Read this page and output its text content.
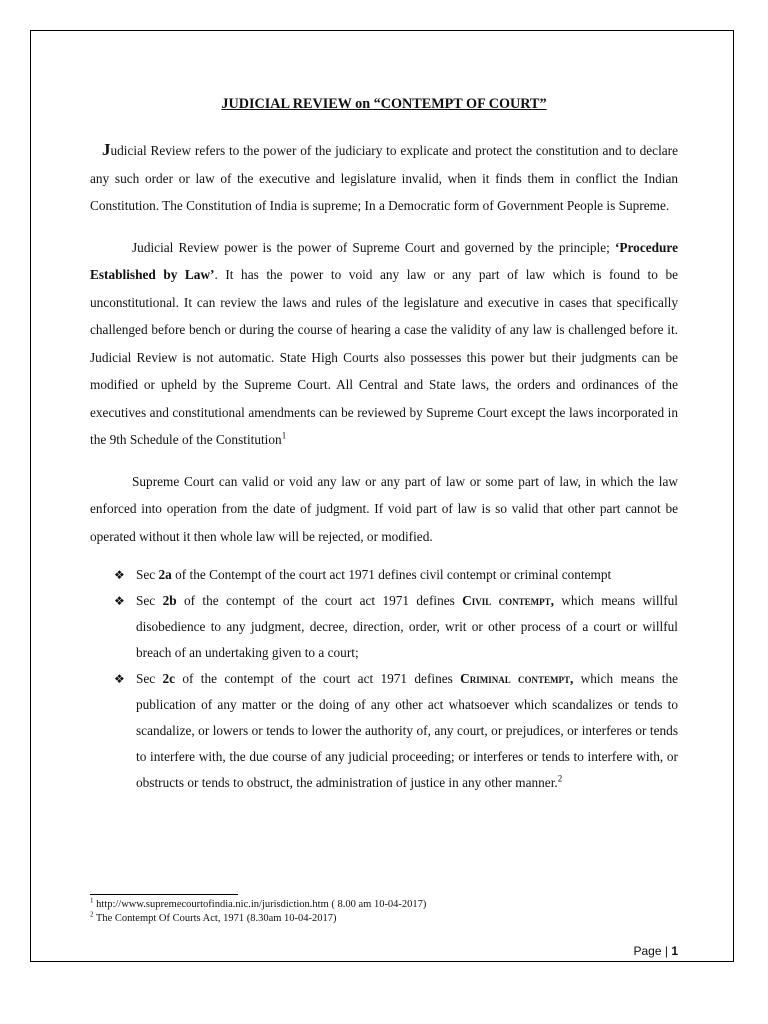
JUDICIAL REVIEW on “CONTEMPT OF COURT”

Judicial Review refers to the power of the judiciary to explicate and protect the constitution and to declare any such order or law of the executive and legislature invalid, when it finds them in conflict the Indian Constitution. The Constitution of India is supreme; In a Democratic form of Government People is Supreme.

Judicial Review power is the power of Supreme Court and governed by the principle; ‘Procedure Established by Law’. It has the power to void any law or any part of law which is found to be unconstitutional. It can review the laws and rules of the legislature and executive in cases that specifically challenged before bench or during the course of hearing a case the validity of any law is challenged before it. Judicial Review is not automatic. State High Courts also possesses this power but their judgments can be modified or upheld by the Supreme Court. All Central and State laws, the orders and ordinances of the executives and constitutional amendments can be reviewed by Supreme Court except the laws incorporated in the 9th Schedule of the Constitution$^1$

Supreme Court can valid or void any law or any part of law or some part of law, in which the law enforced into operation from the date of judgment. If void part of law is so valid that other part cannot be operated without it then whole law will be rejected, or modified.

❖ Sec 2a of the Contempt of the court act 1971 defines civil contempt or criminal contempt
❖ Sec 2b of the contempt of the court act 1971 defines Civil contempt, which means willful disobedience to any judgment, decree, direction, order, writ or other process of a court or willful breach of an undertaking given to a court;
❖ Sec 2c of the contempt of the court act 1971 defines Criminal contempt, which means the publication of any matter or the doing of any other act whatsoever which scandalizes or tends to scandalize, or lowers or tends to lower the authority of, any court, or prejudices, or interferes or tends to interfere with, the due course of any judicial proceeding; or interferes or tends to interfere with, or obstructs or tends to obstruct, the administration of justice in any other manner.$^2$
$^1$ http://www.supremecourtofindia.nic.in/jurisdiction.htm ( 8.00 am 10-04-2017)
$^2$ The Contempt Of Courts Act, 1971 (8.30am 10-04-2017)
Page | 1
